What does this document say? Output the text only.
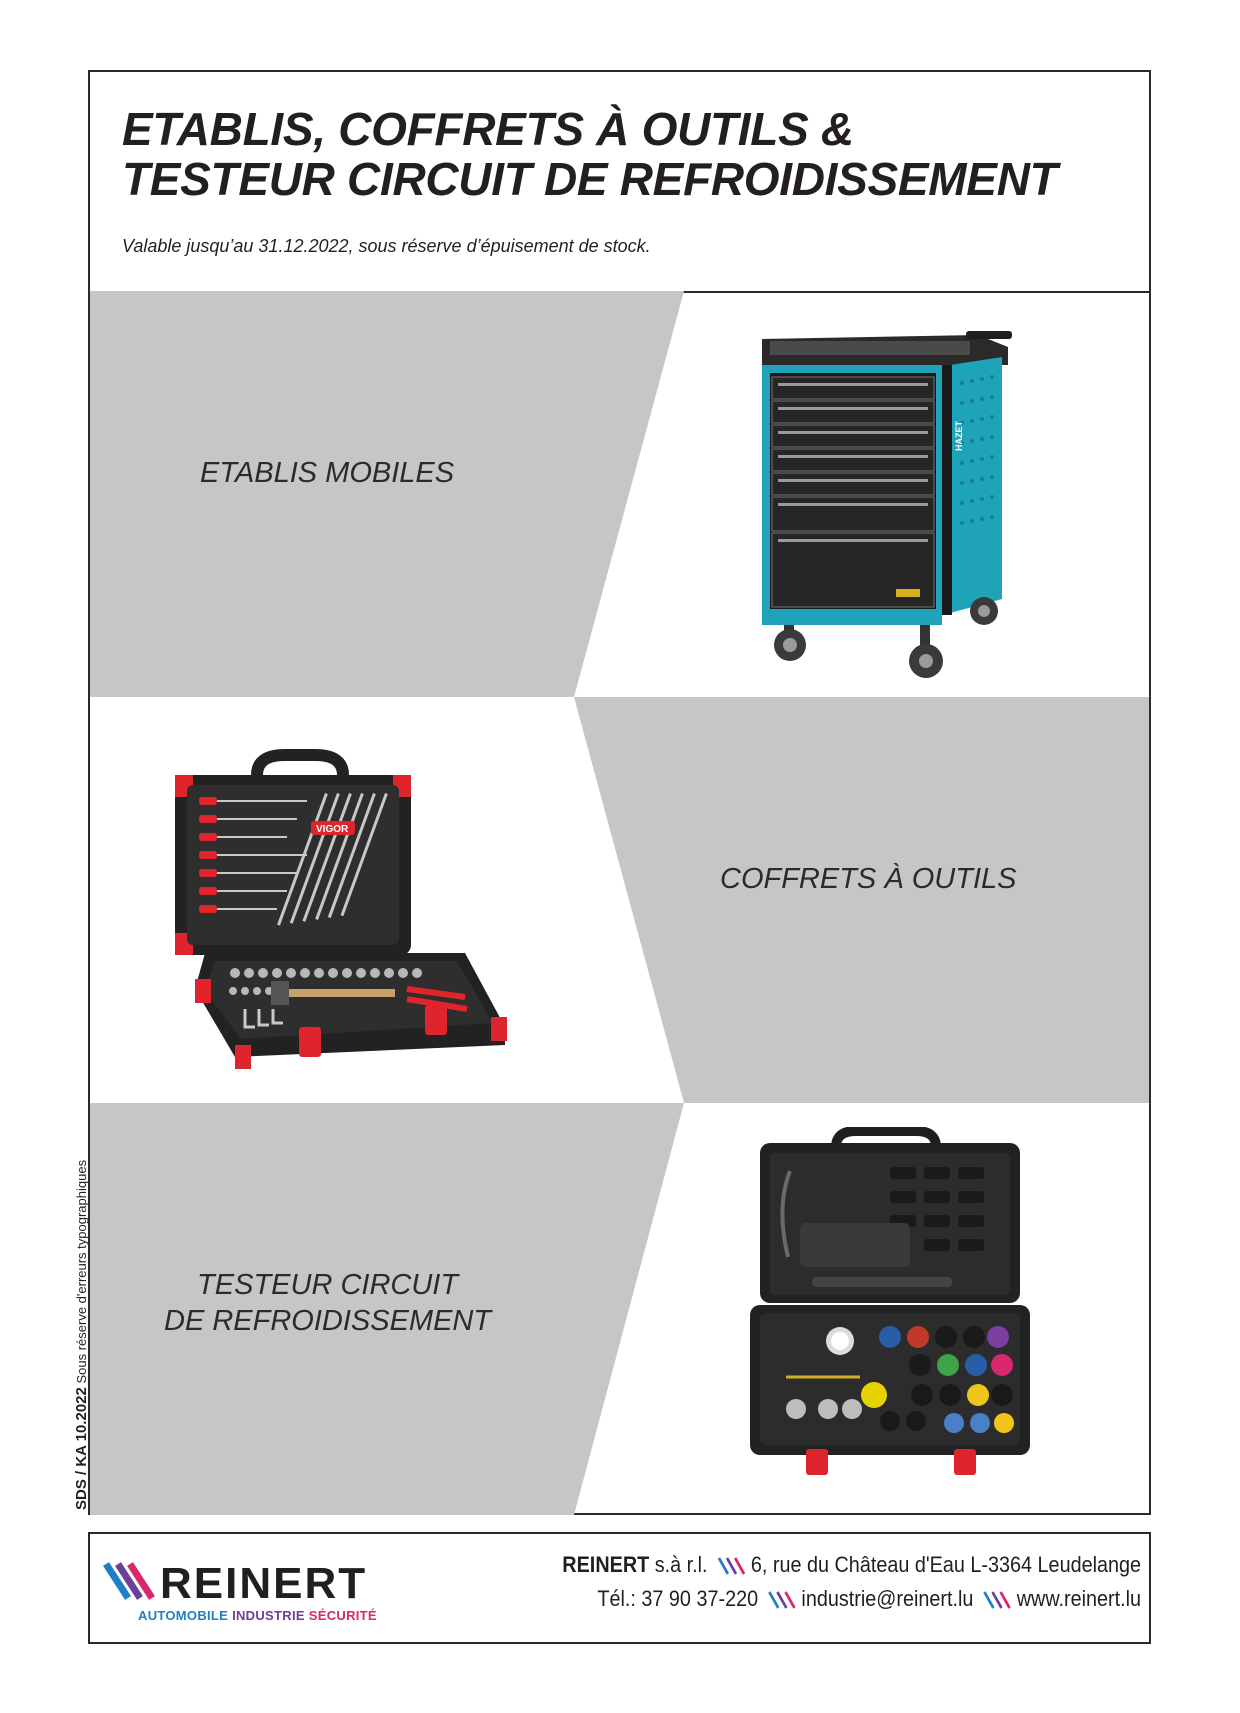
ETABLIS, COFFRETS À OUTILS &
TESTEUR CIRCUIT DE REFROIDISSEMENT
Valable jusqu’au 31.12.2022, sous réserve d’épuisement de stock.
ETABLIS MOBILES
HAZET
COFFRETS À OUTILS
VIGOR
TESTEUR CIRCUIT
DE REFROIDISSEMENT
SDS / KA 10.2022 Sous réserve d'erreurs typographiques
REINERT
AUTOMOBILE INDUSTRIE SÉCURITÉ
REINERT s.à r.l. 6, rue du Château d'Eau L-3364 Leudelange
Tél.: 37 90 37-220 industrie@reinert.lu www.reinert.lu
